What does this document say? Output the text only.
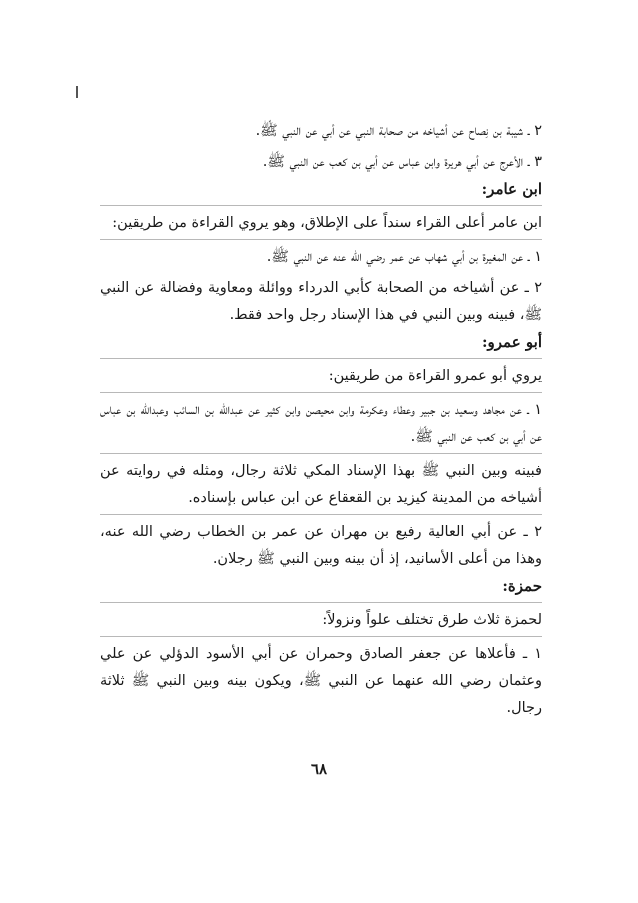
٢ ـ شيبة بن نِصاح عن أشياخه من صحابة النبي عن أبي عن النبي ﷺ.

٣ ـ الأعرج عن أبي هريرة وابن عباس عن أبي بن كعب عن النبي ﷺ.

ابن عامر:

ابن عامر أعلى القراء سنداً على الإطلاق، وهو يروي القراءة من طريقين:

١ ـ عن المغيرة بن أبي شهاب عن عمر رضي الله عنه عن النبي ﷺ.

٢ ـ عن أشياخه من الصحابة كأبي الدرداء ووائلة ومعاوية وفضالة عن النبي ﷺ، فبينه وبين النبي في هذا الإسناد رجل واحد فقط.

أبو عمرو:

يروي أبو عمرو القراءة من طريقين:

١ ـ عن مجاهد وسعيد بن جبير وعطاء وعكرمة وابن محيصن وابن كثير عن عبدالله بن السائب وعبدالله بن عباس عن أبي بن كعب عن النبي ﷺ.

فبينه وبين النبي ﷺ بهذا الإسناد المكي ثلاثة رجال، ومثله في روايته عن أشياخه من المدينة كيزيد بن القعقاع عن ابن عباس بإسناده.

٢ ـ عن أبي العالية رفيع بن مهران عن عمر بن الخطاب رضي الله عنه، وهذا من أعلى الأسانيد، إذ أن بينه وبين النبي ﷺ رجلان.

حمزة:

لحمزة ثلاث طرق تختلف علواً ونزولاً:

١ ـ فأعلاها عن جعفر الصادق وحمران عن أبي الأسود الدؤلي عن علي وعثمان رضي الله عنهما عن النبي ﷺ، ويكون بينه وبين النبي ﷺ ثلاثة رجال.

٦٨
